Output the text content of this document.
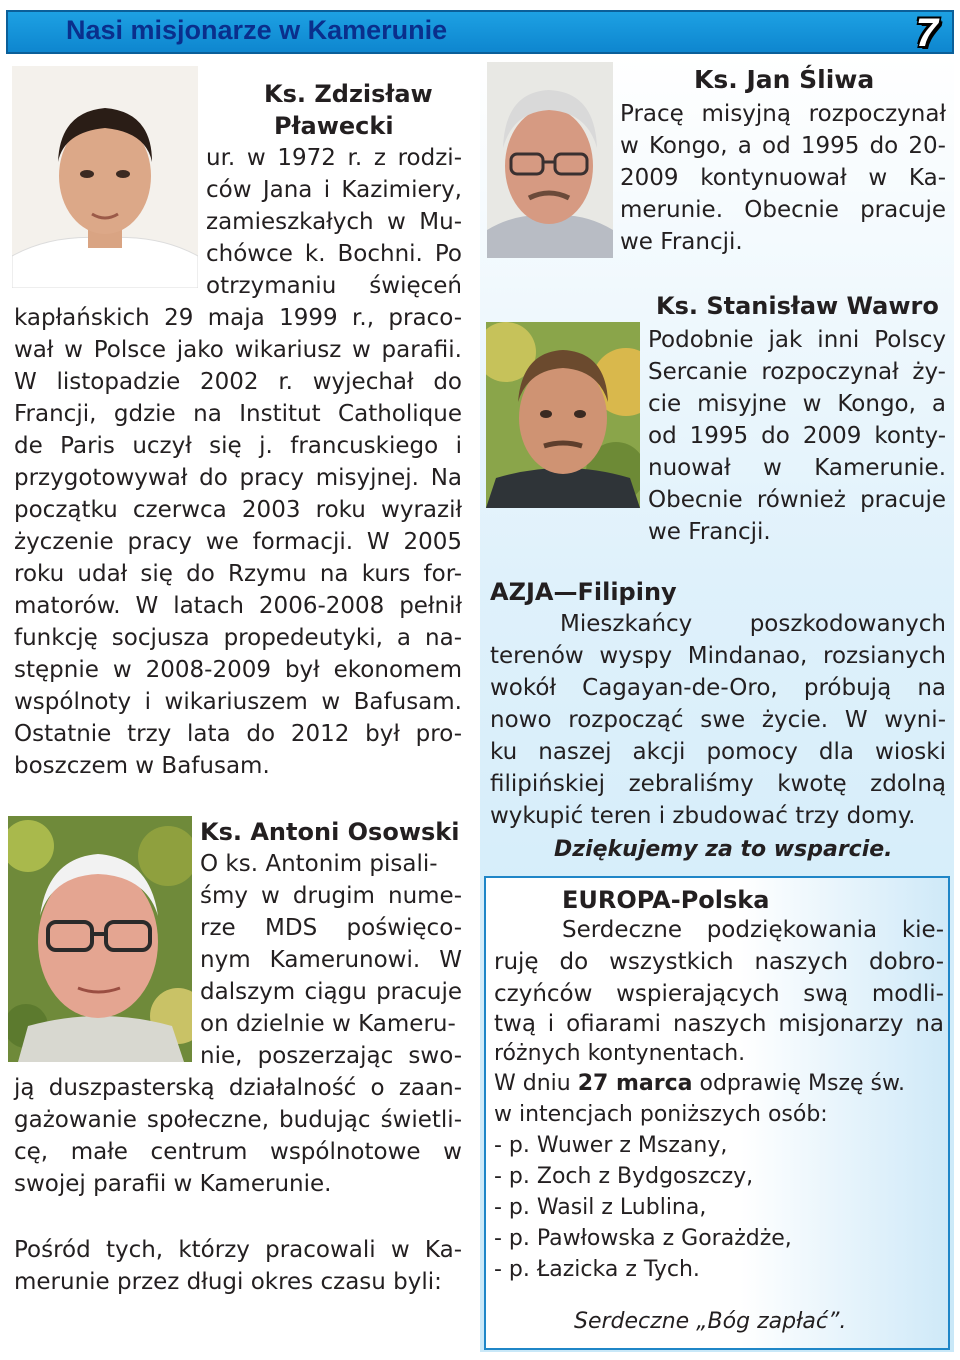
Nasi misjonarze w Kamerunie	7
Ks. Zdzisław
Pławecki
ur. w 1972 r. z rodzi-
ców Jana i Kazimiery,
zamieszkałych w Mu-
chówce k. Bochni. Po
otrzymaniu święceń
kapłańskich 29 maja 1999 r., praco-
wał w Polsce jako wikariusz w parafii.
W listopadzie 2002 r. wyjechał do
Francji, gdzie na Institut Catholique
de Paris uczył się j. francuskiego i
przygotowywał do pracy misyjnej. Na
początku czerwca 2003 roku wyraził
życzenie pracy we formacji. W 2005
roku udał się do Rzymu na kurs for-
matorów. W latach 2006-2008 pełnił
funkcję socjusza propedeutyki, a na-
stępnie w 2008-2009 był ekonomem
wspólnoty i wikariuszem w Bafusam.
Ostatnie trzy lata do 2012 był pro-
boszczem w Bafusam.
Ks. Antoni Osowski
O ks. Antonim pisali-
śmy w drugim nume-
rze MDS poświęco-
nym Kamerunowi. W
dalszym ciągu pracuje
on dzielnie w Kameru-
nie, poszerzając swo-
ją duszpasterską działalność o zaan-
gażowanie społeczne, budując świetli-
cę, małe centrum wspólnotowe w
swojej parafii w Kamerunie.
Pośród tych, którzy pracowali w Ka-
merunie przez długi okres czasu byli:
Ks. Jan Śliwa
Pracę misyjną rozpoczynał
w Kongo, a od 1995 do 20-
2009 kontynuował w Ka-
merunie. Obecnie pracuje
we Francji.
Ks. Stanisław Wawro
Podobnie jak inni Polscy
Sercanie rozpoczynał ży-
cie misyjne w Kongo, a
od 1995 do 2009 konty-
nuował w Kamerunie.
Obecnie również pracuje
we Francji.
AZJA—Filipiny
Mieszkańcy poszkodowanych
terenów wyspy Mindanao, rozsianych
wokół Cagayan-de-Oro, próbują na
nowo rozpocząć swe życie. W wyni-
ku naszej akcji pomocy dla wioski
filipińskiej zebraliśmy kwotę zdolną
wykupić teren i zbudować trzy domy.
Dziękujemy za to wsparcie.
EUROPA-Polska
Serdeczne podziękowania kie-
ruję do wszystkich naszych dobro-
czyńców wspierających swą modli-
twą i ofiarami naszych misjonarzy na
różnych kontynentach.
W dniu 27 marca odprawię Mszę św.
w intencjach poniższych osób:
- p. Wuwer z Mszany,
- p. Zoch z Bydgoszczy,
- p. Wasil z Lublina,
- p. Pawłowska z Gorażdże,
- p. Łazicka z Tych.
Serdeczne „Bóg zapłać”.
